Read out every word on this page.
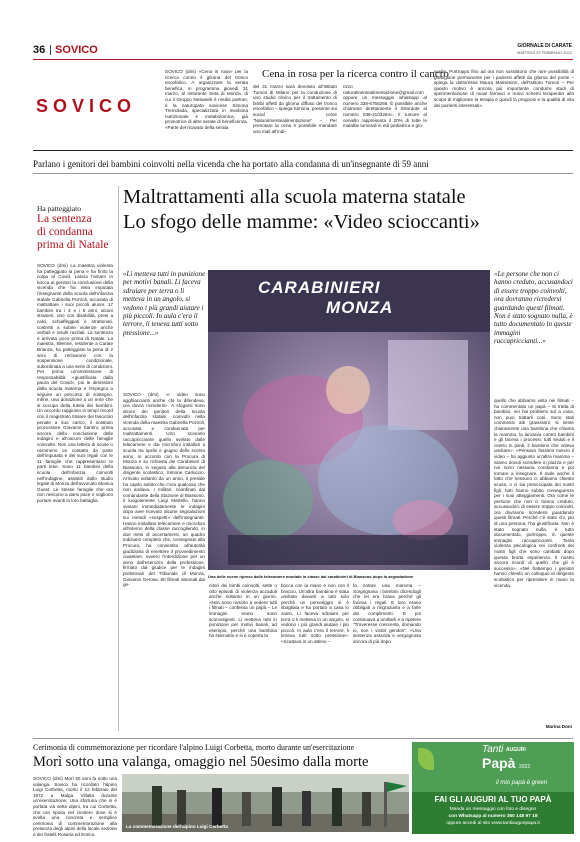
36 SOVICO	GIORNALE DI CARATE
MARTEDÌ 22 FEBBRAIO 2022
SOVICO
SOVICO (dmi) «Cena in rosa» per la ricerca contro il glioma del tronco encefalico. A organizzare la serata benefica, in programma giovedì 31 marzo, al ristorante Seta di Monza, di cui il Gruppo Nesweek è media partner, è la naturopata sovicese Simona Tremolada, specializzata in medicina nutrizionale e metabolomica, già promotrice di altre serate di beneficenza. «Parte del ricavato della serata
Cena in rosa per la ricerca contro il cancro
del 31 marzo sarà devoluto all'Istituto Tumori di Milano per la conduzione di uno studio clinico per il trattamento di bimbi affetti da glioma diffuso del tronco encefalico – spiega Simona, presente sui social come "Naturalmentealimentazione" – Per prenotare la cena è possibile mandare una mail all'indi-
rizzo naturalmentealimentazione@gmail.com oppure un messaggio whatsapp al numero 338-6755266. È possibile anche chiamare direttamente il ristorante al numero 039-2103264». Il tumore al cervello rappresenta il 20% di tutte le malattie tumorali in età pediatrica e gio-
vanile. Purtroppo fino ad ora non sussistono che rare possibilità di guarigione permanente per i pazienti affetti da glioma del ponte – spiega la dottoressa Maura Massimino, dell'Istituto Tumori – Per questo motivo è ancora più importante condurre studi di sperimentazione di nuovi farmaci e nuovi schemi terapeutici allo scopo di migliorare la terapia e quindi la prognosi e la qualità di vita dei pazienti interessati».
Parlano i genitori dei bambini coinvolti nella vicenda che ha portato alla condanna di un'insegnante di 59 anni
Ha patteggiato
La sentenza
di condanna
prima di Natale
SOVICO (dmi) La maestra violenta ha patteggiato la pena e ha finito la colpa al Covid. Lascia l'amaro in bocca ai genitori la conclusione della vicenda che ha visto imputata l'insegnante della scuola dell'infanzia statale Gabriella Pozzoli, accusata di maltrattare i suoi piccoli alunni. 17 bambini tra i 3 e i 5 anni, alcuni stranieri, uno con disabilità, presi a calci, schiaffeggiati e strattonati, costretti a subire violenze anche verbali e insulti razziali. La sentenza è arrivata poco prima di Natale. La maestra, 59enne, residente a Carate Brianza, ha patteggiato la pena di 2 anni di reclusione con la sospensione condizionale, subordinata a una serie di condizioni. Per prima un'ammissione di responsabilità «giustificata dalla paura del Covid», poi le dimissioni dalla scuola materna e l'impegno a seguire un percorso di sostegno. Infine, una donazione a un ente che si occupa della tutela dei bambini. Un accordo raggiunto in tempi record con il magistrato titolare del fascicolo penale a suo carico, il sostituto procuratore Giovanni Santini, prima ancora della conclusione delle indagini e all'oscuro delle famiglie coinvolte. Non una lettera di scuse o nemmeno un contatto da parte dell'imputata e dei suoi legali con le 11 famiglie che rappresentano le parti lese. Sono 11 bambini della scuola dell'infanzia coinvolti nell'indagine, assistiti dallo studio legale di Monza dell'avvocato Monica Guest. Le stesse famiglie che ora non riescono a darsi pace e vogliono portare avanti la loro battaglia.
Maltrattamenti alla scuola materna statale
Lo sfogo delle mamme: «Video scioccanti»
«Li metteva tutti in punizione per motivi banali. Li faceva sdraiare per terra o li metteva in un angolo, si vedono i più grandi aiutare i più piccoli. In aula c'era il terrore, li teneva tutti sotto pressione...»
CARABINIERI
MONZA
Una delle scene riprese dalle telecamere montate in classe dai carabinieri di Biassono dopo la segnalazione
«Le persone che non ci hanno creduto, accusandoci di essere troppo coinvolti, ora dovranno ricredersi guardando questi filmati. Non è stato sognato nulla, è tutto documentato in queste immagini raccapriccianti...»
SOVICO (dmi) «I video sono agghiaccianti anche chi la difendeva, ora dovrà ricredersi». A sfogarsi sono alcuni dei genitori della scuola dell'infanzia statale, coinvolti nella vicenda della maestra Gabriella Pozzoli, accusata e condannata per maltrattamenti. Uno scenario raccapricciante quello svelato dalle telecamere e dai microfoni installati a scuola tra aprile e giugno dello scorso anno, in accordo con la Procura di Monza e su richiesta dei Carabinieri di Biassono, in seguito alla denuncia del dirigente scolastico, Simone Carluccio. Arrivato soltanto da un anno, il preside ha capito subito che c'era qualcosa che non andava. I militari, coordinati dal comandante della Stazione di Biassono, il luogotenente Luigi Martello, hanno avviato immediatamente le indagini dopo aver ricevuto alcune segnalazioni sui metodi «sospetti» dell'insegnante. Hanno installato telecamere e microfoni all'interno della classe raccogliendo, in due mesi di accertamenti, un quadro indiziario completo che, consegnato alla Procura, ha consentito all'autorità giudiziaria di emettere il provvedimento cautelare, ovvero l'interdizione per un anno dall'esercizio della professione, firmato dal giudice per le indagini preliminari del Tribunale di Monza, Giovanni Gerosa. 80 filmati visionati dai ge-	nitori dei bimbi coinvolti, sette o otto episodi di violenza accaduti anche soltanto in un giorno. «Non sono riuscito a vedere tutti i filmati – confessa un papà – Le immagini erano sono sconvolgenti. Li metteva tutti in punizione per motivi banali, ad esempio, perché una bambina ha starnutito e si è coperta la
bocca con la mano e non con il braccio. Un'altra bambina è stata umiliata davanti a tutti solo perché un pomeriggio si è sbagliata e ha portato a casa lo zaino. Li faceva sdraiare per terra o li metteva in un angolo, si vedono i più grandi aiutare i più piccoli. In aula c'era il terrore, li teneva tutti sotto pressione». «Scattava in un attimo –
fa notare una mamma – Sorgrignava i bambini dicendogli che lei era brava perché gli faceva i regali. E loro erano obbligati a ringraziarla e a farle dei complimenti. E poi continuava a umiliarli e a ripetere "Troveresse crescente, domando io, non i vostri genitori". «Una sentenza assurda e vergognosa ancora di più dopo
quello che abbiamo visto nei filmati – ha commentato un papà – Si tratta di bambini, nei hai problemi sul a casa, non puoi trattarli così. Sono stati commessi atti gravissimi: si sente chiaramente una bambina che chiama la mamma, la lanciava contro bambini e gli faceva i processi: tutti seduti e il centro in piedi, il bambino che voleva umiliare». «Pensavo fossimo menzo il video – ha aggiunto un'altra mamma – Siamo dovuti scendere in piazza e per noi sono nessuna condanna e poi tornare a insegnare. Il male anche il fatto che nessuno ci abbiamo chiesto scusa, o ci sia preoccupata dei nostri figli, tutti hanno subito conseguenze per i suoi atteggiamenti. Ora come le persone che non ci hanno creduto, accusandoci di essere troppo coinvolti, ora dovranno ricredersi guardando questi filmati. Perché c'è stato chi, più di una persona, l'ha giustificata. Non è stato sognato nulla, è tutto documentato, purtroppo, in queste immagini raccapriccianti. Tanta violenza psicologica nei confronti dei nostri figli che sono cambiati dopo questa brutta esperienza. Il nostro ancora ricordi di quello che gli è successo». «Nel frattempo i genitori hanno chiesto un colloquio al dirigente scolastico per riprendere in mano la vicenda.
Marina Doni
Cerimonia di commemorazione per ricordare l'alpino Luigi Corbetta, morto durante un'esercitazione
Morì sotto una valanga, omaggio nel 50esimo dalla morte
SOVICO (dmi) Morì 50 anni fa sotto una valanga. Sovico ha ricordato l'alpino Luigi Corbetta, morto il 12 febbraio del 1972 a Malga Villalta durante un'esercitazione. Una sfortuna che si è portata via sette alpini, tra cui Corbetta, che ora riposa nel cimitero dove si è svolta una concreta e semplice cerimonia di commemorazione alla presenza degli alpini della locale sezione e dei fratelli Rosaria ed Enrico.
La commemorazione dell'alpino Luigi Corbetta
Tanti AUGURI
Papà 2022
il mio papà è green
FAI GLI AUGURI AL TUO PAPÀ
Manda un messaggio con foto e disegno
con Whatsapp al numero 350 148 97 18
oppure accedi al sito www.tantiauguripapa.it
